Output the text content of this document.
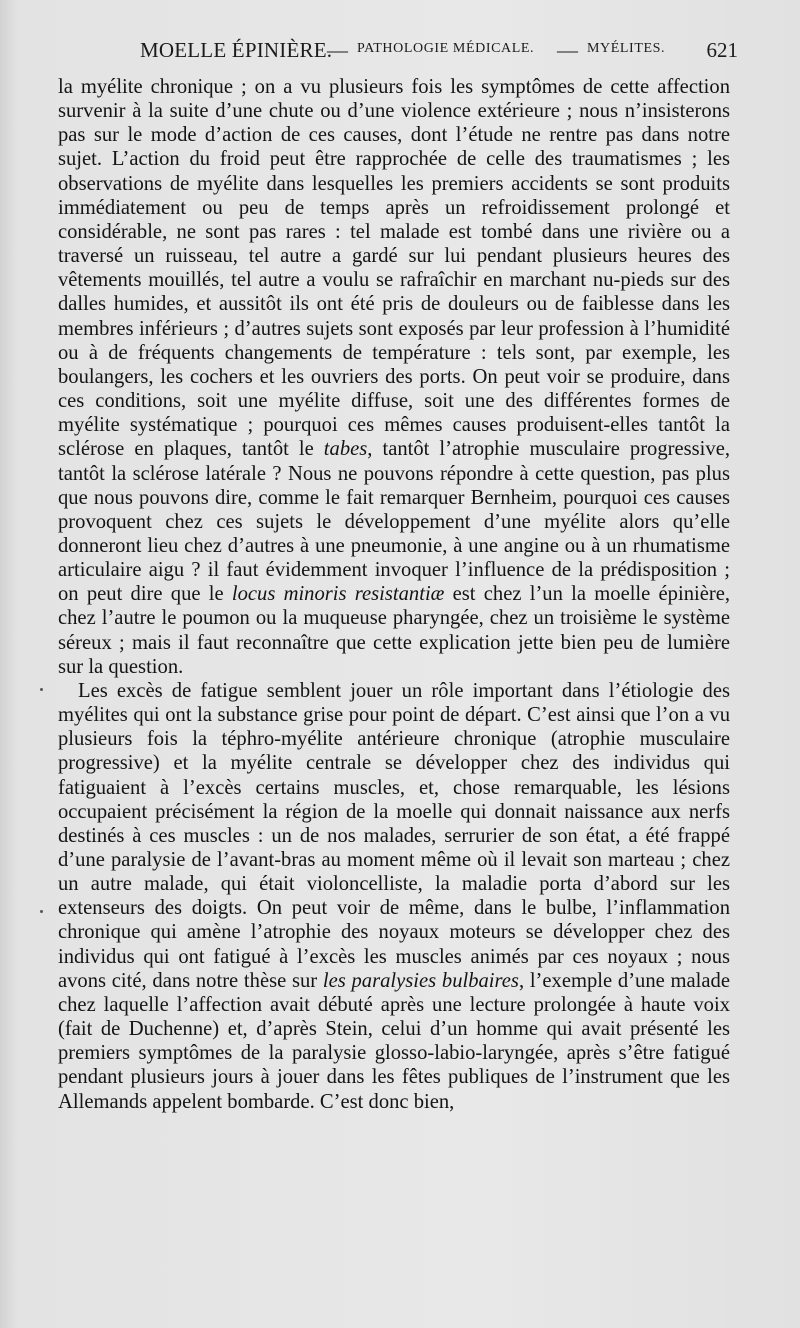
MOELLE ÉPINIÈRE.
— PATHOLOGIE MÉDICALE. — MYÉLITES. 621

la myélite chronique ; on a vu plusieurs fois les symptômes de cette affection survenir à la suite d’une chute ou d’une violence extérieure ; nous n’insisterons pas sur le mode d’action de ces causes, dont l’étude ne rentre pas dans notre sujet. L’action du froid peut être rapprochée de celle des traumatismes ; les observations de myélite dans lesquelles les premiers accidents se sont produits immédiatement ou peu de temps après un refroidissement prolongé et considérable, ne sont pas rares : tel malade est tombé dans une rivière ou a traversé un ruisseau, tel autre a gardé sur lui pendant plusieurs heures des vêtements mouillés, tel autre a voulu se rafraîchir en marchant nu-pieds sur des dalles humides, et aussitôt ils ont été pris de douleurs ou de faiblesse dans les membres inférieurs ; d’autres sujets sont exposés par leur profession à l’humidité ou à de fréquents changements de température : tels sont, par exemple, les boulangers, les cochers et les ouvriers des ports. On peut voir se produire, dans ces conditions, soit une myélite diffuse, soit une des différentes formes de myélite systématique ; pourquoi ces mêmes causes produisent-elles tantôt la sclérose en plaques, tantôt le tabes, tantôt l’atrophie musculaire progressive, tantôt la sclérose latérale ? Nous ne pouvons répondre à cette question, pas plus que nous pouvons dire, comme le fait remarquer Bernheim, pourquoi ces causes provoquent chez ces sujets le développement d’une myélite alors qu’elle donneront lieu chez d’autres à une pneumonie, à une angine ou à un rhumatisme articulaire aigu ? il faut évidemment invoquer l’influence de la prédisposition ; on peut dire que le locus minoris resistantiæ est chez l’un la moelle épinière, chez l’autre le poumon ou la muqueuse pharyngée, chez un troisième le système séreux ; mais il faut reconnaître que cette explication jette bien peu de lumière sur la question.

Les excès de fatigue semblent jouer un rôle important dans l’étiologie des myélites qui ont la substance grise pour point de départ. C’est ainsi que l’on a vu plusieurs fois la téphro-myélite antérieure chronique (atrophie musculaire progressive) et la myélite centrale se développer chez des individus qui fatiguaient à l’excès certains muscles, et, chose remarquable, les lésions occupaient précisément la région de la moelle qui donnait naissance aux nerfs destinés à ces muscles : un de nos malades, serrurier de son état, a été frappé d’une paralysie de l’avant-bras au moment même où il levait son marteau ; chez un autre malade, qui était violoncelliste, la maladie porta d’abord sur les extenseurs des doigts. On peut voir de même, dans le bulbe, l’inflammation chronique qui amène l’atrophie des noyaux moteurs se développer chez des individus qui ont fatigué à l’excès les muscles animés par ces noyaux ; nous avons cité, dans notre thèse sur les paralysies bulbaires, l’exemple d’une malade chez laquelle l’affection avait débuté après une lecture prolongée à haute voix (fait de Duchenne) et, d’après Stein, celui d’un homme qui avait présenté les premiers symptômes de la paralysie glosso-labio-laryngée, après s’être fatigué pendant plusieurs jours à jouer dans les fêtes publiques de l’instrument que les Allemands appelent bombarde. C’est donc bien,
